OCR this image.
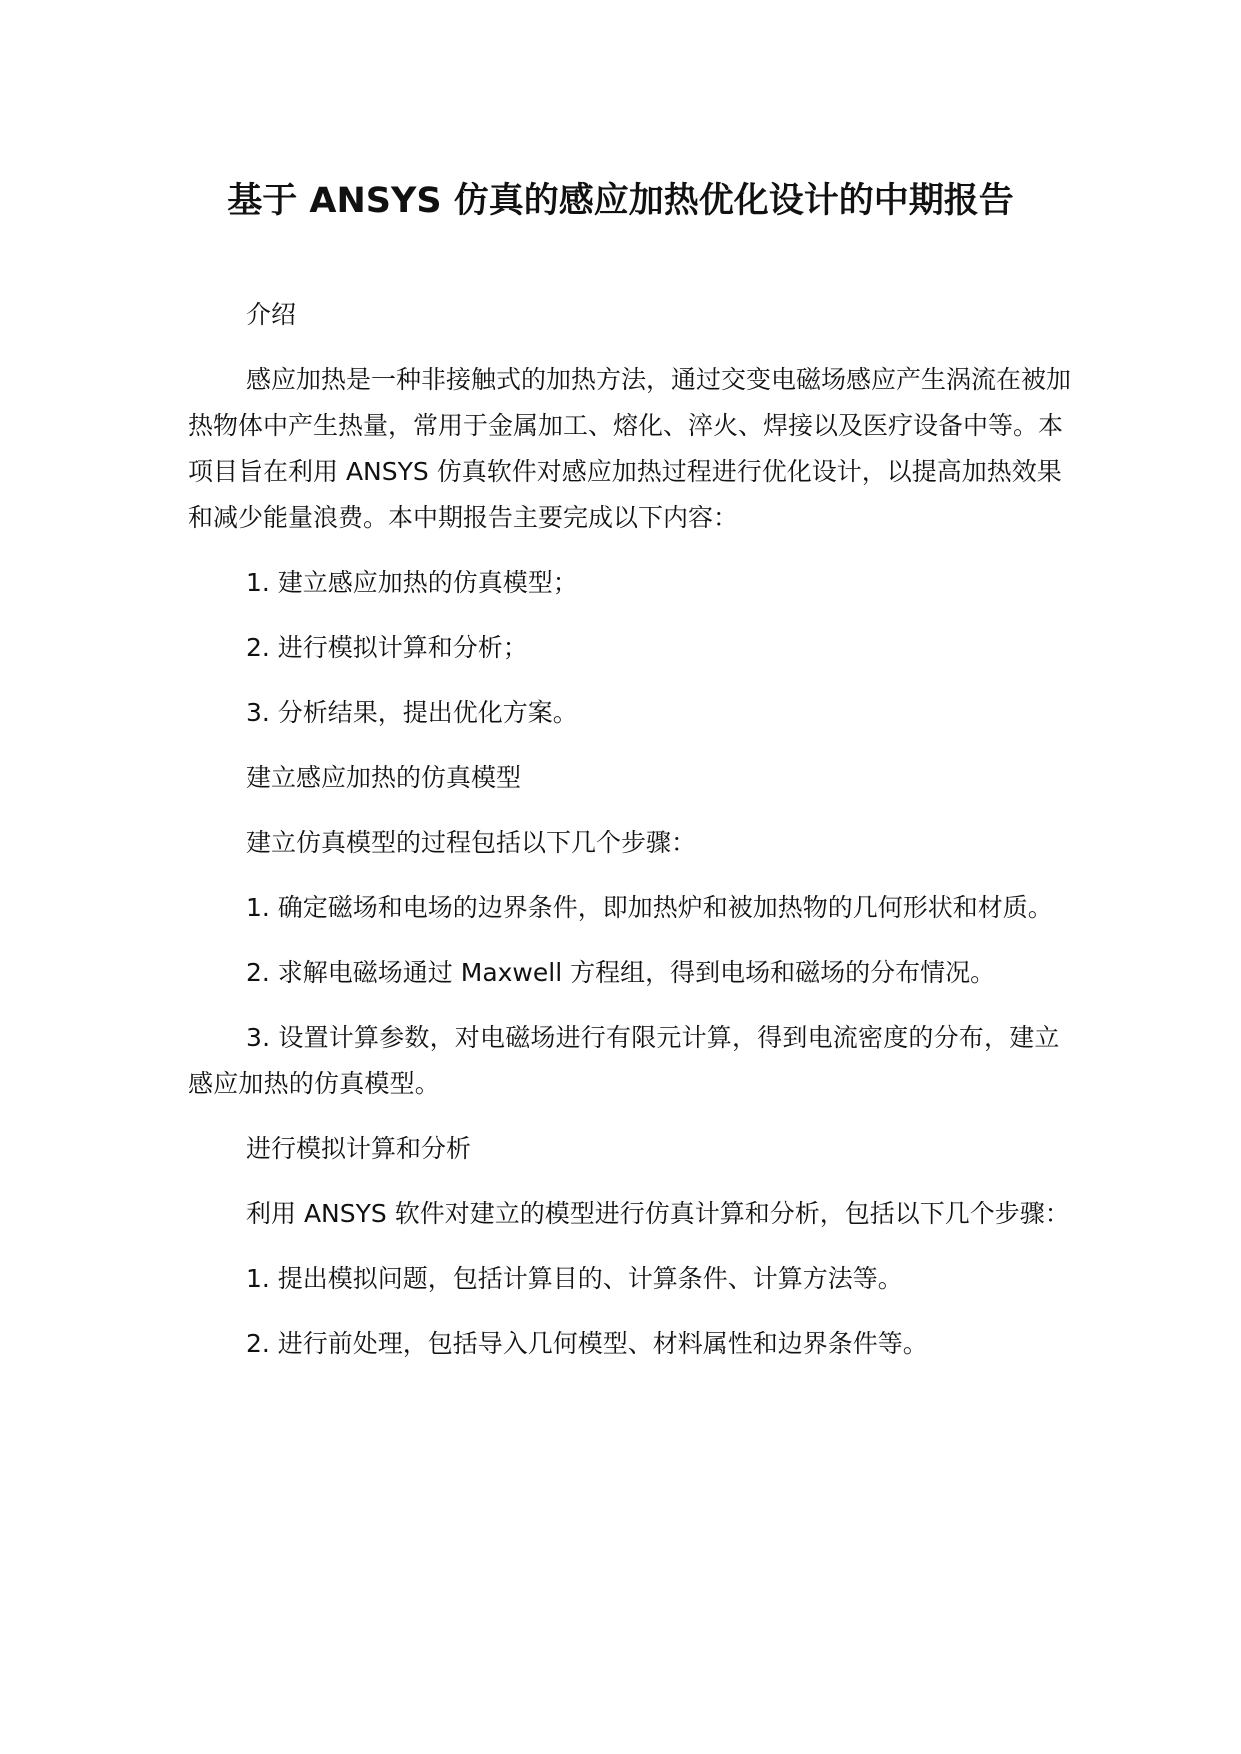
基于 ANSYS 仿真的感应加热优化设计的中期报告

介绍

感应加热是一种非接触式的加热方法，通过交变电磁场感应产生涡流在被加热物体中产生热量，常用于金属加工、熔化、淬火、焊接以及医疗设备中等。本项目旨在利用 ANSYS 仿真软件对感应加热过程进行优化设计，以提高加热效果和减少能量浪费。本中期报告主要完成以下内容：

1. 建立感应加热的仿真模型；

2. 进行模拟计算和分析；

3. 分析结果，提出优化方案。

建立感应加热的仿真模型

建立仿真模型的过程包括以下几个步骤：

1. 确定磁场和电场的边界条件，即加热炉和被加热物的几何形状和材质。

2. 求解电磁场通过 Maxwell 方程组，得到电场和磁场的分布情况。

3. 设置计算参数，对电磁场进行有限元计算，得到电流密度的分布，建立感应加热的仿真模型。

进行模拟计算和分析

利用 ANSYS 软件对建立的模型进行仿真计算和分析，包括以下几个步骤：

1. 提出模拟问题，包括计算目的、计算条件、计算方法等。

2. 进行前处理，包括导入几何模型、材料属性和边界条件等。
